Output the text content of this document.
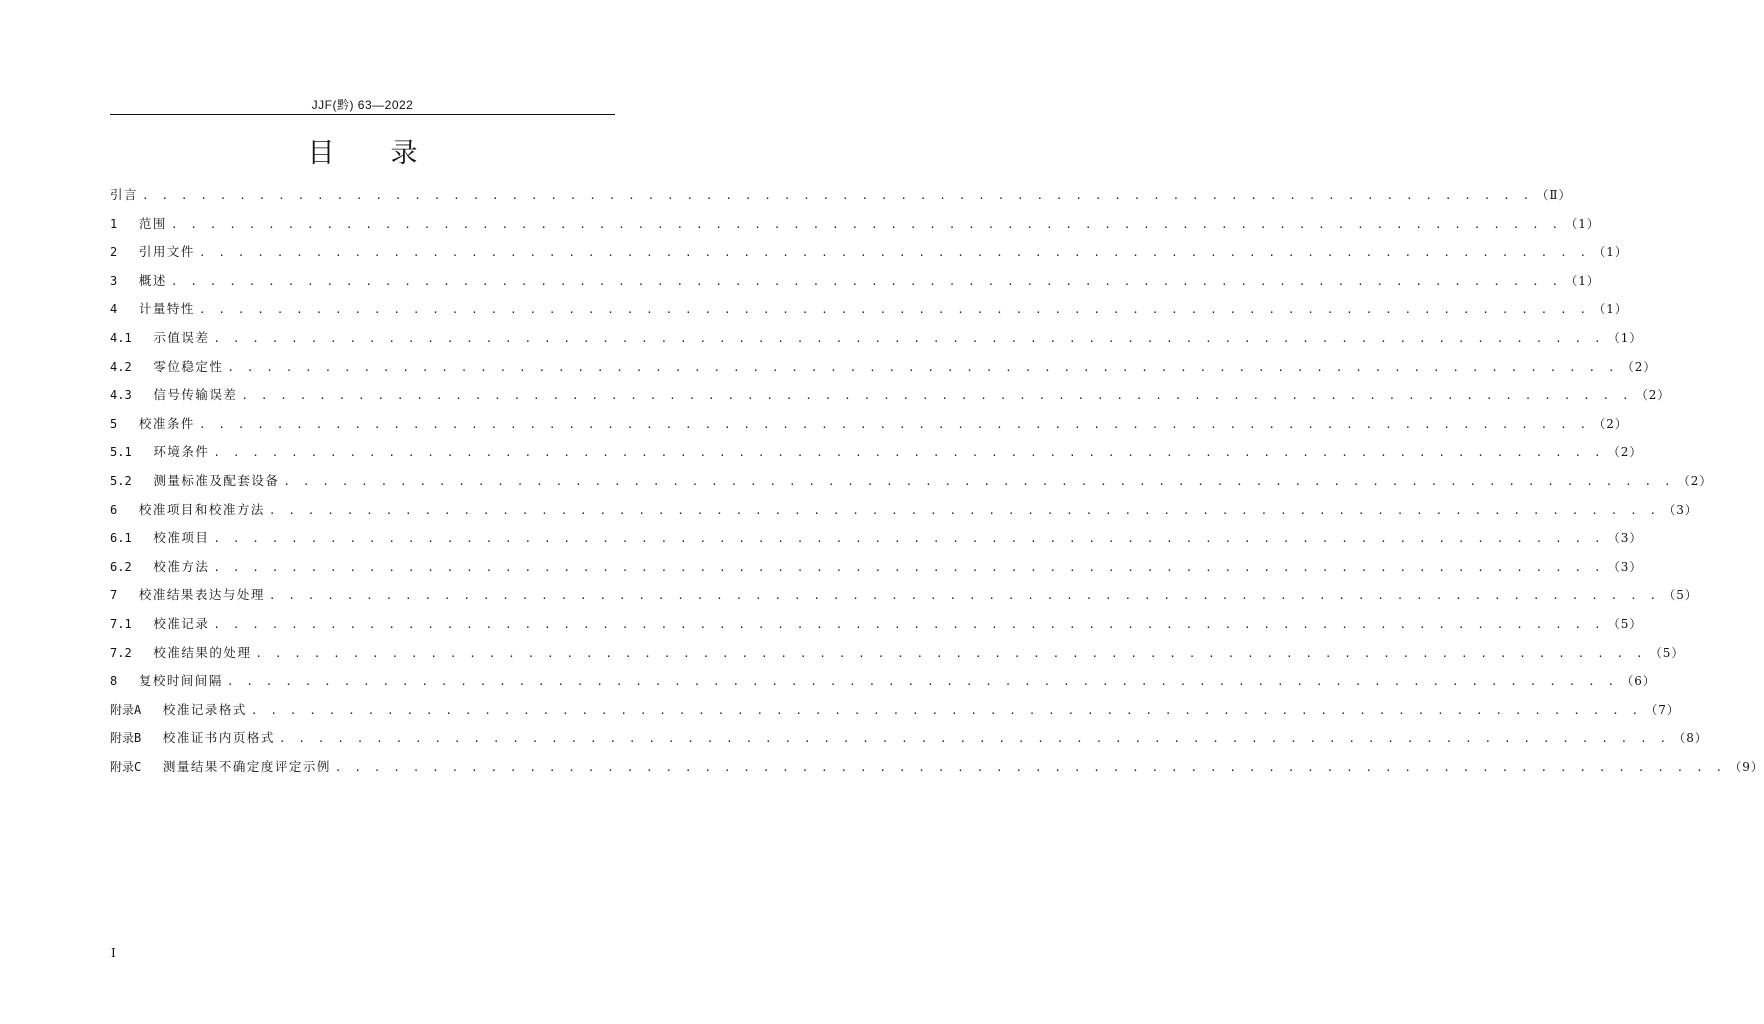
JJF(黔) 63—2022
目 录
引言 . . . . . . . . . . . . . . . . . . . . . . . . . . . . . . . . . . . . . . . . . . . . . . . . . . . . . . . . . . . . . . . . . . . . . . . . （Ⅱ）
1 范围 . . . . . . . . . . . . . . . . . . . . . . . . . . . . . . . . . . . . . . . . . . . . . . . . . . . . . . . . . . . . . . . . . . . . . . . . （1）
2 引用文件 . . . . . . . . . . . . . . . . . . . . . . . . . . . . . . . . . . . . . . . . . . . . . . . . . . . . . . . . . . . . . . . . . . . . . . . . （1）
3 概述 . . . . . . . . . . . . . . . . . . . . . . . . . . . . . . . . . . . . . . . . . . . . . . . . . . . . . . . . . . . . . . . . . . . . . . . . （1）
4 计量特性 . . . . . . . . . . . . . . . . . . . . . . . . . . . . . . . . . . . . . . . . . . . . . . . . . . . . . . . . . . . . . . . . . . . . . . . . （1）
4.1 示值误差 . . . . . . . . . . . . . . . . . . . . . . . . . . . . . . . . . . . . . . . . . . . . . . . . . . . . . . . . . . . . . . . . . . . . . . . . （1）
4.2 零位稳定性 . . . . . . . . . . . . . . . . . . . . . . . . . . . . . . . . . . . . . . . . . . . . . . . . . . . . . . . . . . . . . . . . . . . . . . . . （2）
4.3 信号传输误差 . . . . . . . . . . . . . . . . . . . . . . . . . . . . . . . . . . . . . . . . . . . . . . . . . . . . . . . . . . . . . . . . . . . . . . . . （2）
5 校准条件 . . . . . . . . . . . . . . . . . . . . . . . . . . . . . . . . . . . . . . . . . . . . . . . . . . . . . . . . . . . . . . . . . . . . . . . . （2）
5.1 环境条件 . . . . . . . . . . . . . . . . . . . . . . . . . . . . . . . . . . . . . . . . . . . . . . . . . . . . . . . . . . . . . . . . . . . . . . . . （2）
5.2 测量标准及配套设备 . . . . . . . . . . . . . . . . . . . . . . . . . . . . . . . . . . . . . . . . . . . . . . . . . . . . . . . . . . . . . . . . . . . . . . . . （2）
6 校准项目和校准方法 . . . . . . . . . . . . . . . . . . . . . . . . . . . . . . . . . . . . . . . . . . . . . . . . . . . . . . . . . . . . . . . . . . . . . . . . （3）
6.1 校准项目 . . . . . . . . . . . . . . . . . . . . . . . . . . . . . . . . . . . . . . . . . . . . . . . . . . . . . . . . . . . . . . . . . . . . . . . . （3）
6.2 校准方法 . . . . . . . . . . . . . . . . . . . . . . . . . . . . . . . . . . . . . . . . . . . . . . . . . . . . . . . . . . . . . . . . . . . . . . . . （3）
7 校准结果表达与处理 . . . . . . . . . . . . . . . . . . . . . . . . . . . . . . . . . . . . . . . . . . . . . . . . . . . . . . . . . . . . . . . . . . . . . . . . （5）
7.1 校准记录 . . . . . . . . . . . . . . . . . . . . . . . . . . . . . . . . . . . . . . . . . . . . . . . . . . . . . . . . . . . . . . . . . . . . . . . . （5）
7.2 校准结果的处理 . . . . . . . . . . . . . . . . . . . . . . . . . . . . . . . . . . . . . . . . . . . . . . . . . . . . . . . . . . . . . . . . . . . . . . . . （5）
8 复校时间间隔 . . . . . . . . . . . . . . . . . . . . . . . . . . . . . . . . . . . . . . . . . . . . . . . . . . . . . . . . . . . . . . . . . . . . . . . . （6）
附录A 校准记录格式 . . . . . . . . . . . . . . . . . . . . . . . . . . . . . . . . . . . . . . . . . . . . . . . . . . . . . . . . . . . . . . . . . . . . . . . . （7）
附录B 校准证书内页格式 . . . . . . . . . . . . . . . . . . . . . . . . . . . . . . . . . . . . . . . . . . . . . . . . . . . . . . . . . . . . . . . . . . . . . . . . （8）
附录C 测量结果不确定度评定示例 . . . . . . . . . . . . . . . . . . . . . . . . . . . . . . . . . . . . . . . . . . . . . . . . . . . . . . . . . . . . . . . . . . . . . . . . （9）
I
